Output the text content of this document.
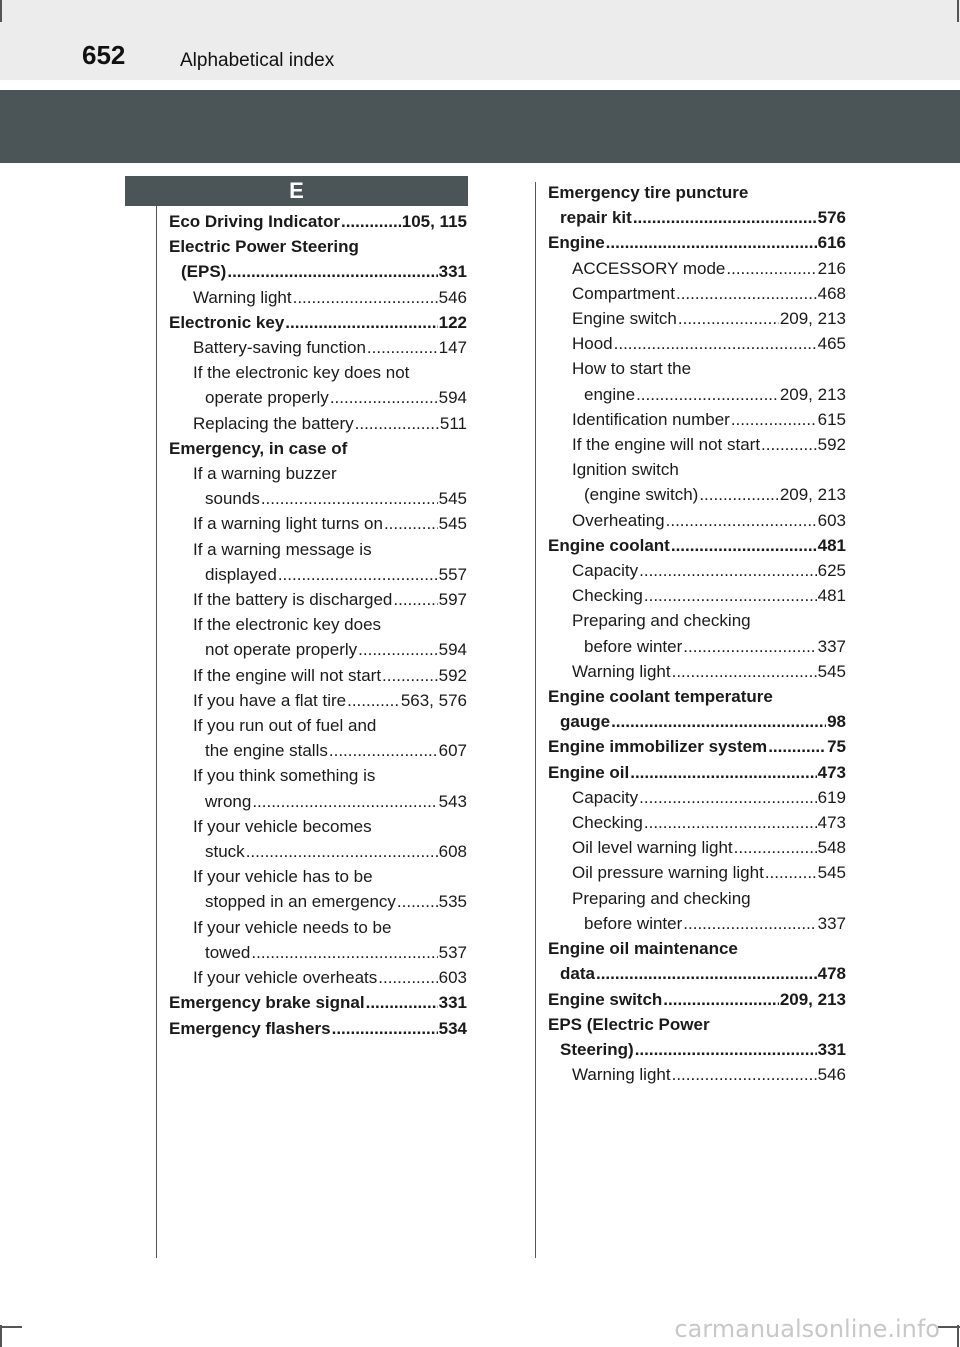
652	Alphabetical index
E
Eco Driving Indicator .....	105, 115
Electric Power Steering
(EPS) .....	331
Warning light .....	546
Electronic key .....	122
Battery-saving function .....	147
If the electronic key does not
operate properly .....	594
Replacing the battery .....	511
Emergency, in case of
If a warning buzzer
sounds .....	545
If a warning light turns on .....	545
If a warning message is
displayed .....	557
If the battery is discharged .....	597
If the electronic key does
not operate properly .....	594
If the engine will not start .....	592
If you have a flat tire .....	563, 576
If you run out of fuel and
the engine stalls .....	607
If you think something is
wrong .....	543
If your vehicle becomes
stuck .....	608
If your vehicle has to be
stopped in an emergency .....	535
If your vehicle needs to be
towed .....	537
If your vehicle overheats .....	603
Emergency brake signal .....	331
Emergency flashers .....	534
Emergency tire puncture
repair kit .....	576
Engine .....	616
ACCESSORY mode .....	216
Compartment .....	468
Engine switch .....	209, 213
Hood .....	465
How to start the
engine .....	209, 213
Identification number .....	615
If the engine will not start .....	592
Ignition switch
(engine switch) .....	209, 213
Overheating .....	603
Engine coolant .....	481
Capacity .....	625
Checking .....	481
Preparing and checking
before winter .....	337
Warning light .....	545
Engine coolant temperature
gauge .....	98
Engine immobilizer system .....	75
Engine oil .....	473
Capacity .....	619
Checking .....	473
Oil level warning light .....	548
Oil pressure warning light .....	545
Preparing and checking
before winter .....	337
Engine oil maintenance
data .....	478
Engine switch .....	209, 213
EPS (Electric Power
Steering) .....	331
Warning light .....	546
carmanualsonline.info
